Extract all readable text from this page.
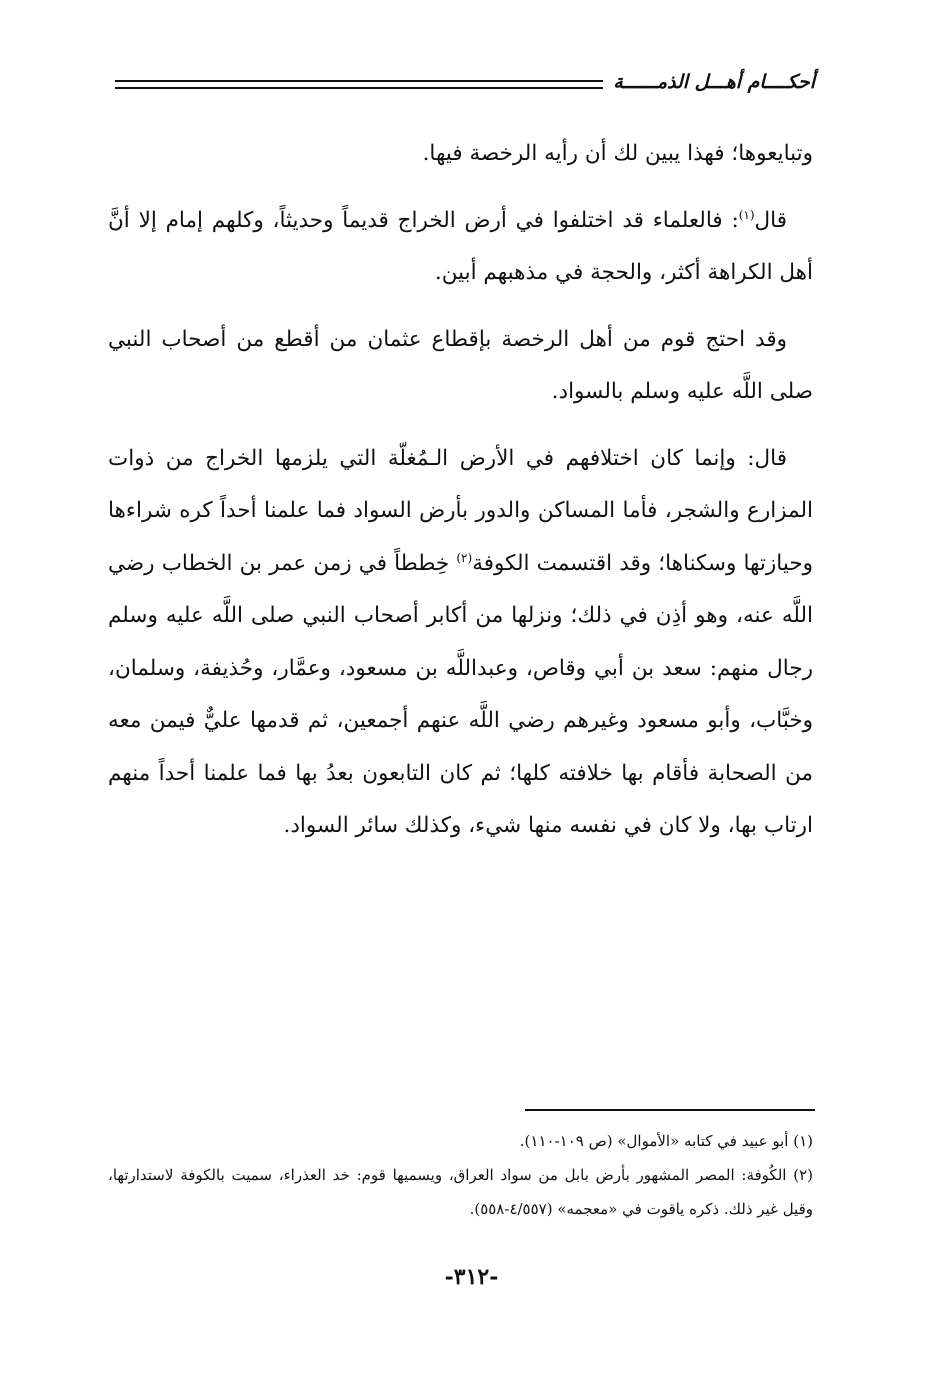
أحكــــام أهـــل الذمــــــة

وتبايعوها؛ فهذا يبين لك أن رأيه الرخصة فيها.

قال$^{(١)}$: فالعلماء قد اختلفوا في أرض الخراج قديماً وحديثاً، وكلهم إمام إلا أنَّ أهل الكراهة أكثر، والحجة في مذهبهم أبين.

وقد احتج قوم من أهل الرخصة بإقطاع عثمان من أقطع من أصحاب النبي صلى اللَّه عليه وسلم بالسواد.

قال: وإنما كان اختلافهم في الأرض الـمُغلّة التي يلزمها الخراج من ذوات المزارع والشجر، فأما المساكن والدور بأرض السواد فما علمنا أحداً كره شراءها وحيازتها وسكناها؛ وقد اقتسمت الكوفة$^{(٢)}$ خِططاً في زمن عمر بن الخطاب رضي اللَّه عنه، وهو أذِن في ذلك؛ ونزلها من أكابر أصحاب النبي صلى اللَّه عليه وسلم رجال منهم: سعد بن أبي وقاص، وعبداللَّه بن مسعود، وعمَّار، وحُذيفة، وسلمان، وخبَّاب، وأبو مسعود وغيرهم رضي اللَّه عنهم أجمعين، ثم قدمها عليٌّ فيمن معه من الصحابة فأقام بها خلافته كلها؛ ثم كان التابعون بعدُ بها فما علمنا أحداً منهم ارتاب بها، ولا كان في نفسه منها شيء، وكذلك سائر السواد.

(١) أبو عبيد في كتابه «الأموال» (ص ١٠٩-١١٠).

(٢) الكُوفة: المصر المشهور بأرض بابل من سواد العراق، ويسميها قوم: خد العذراء، سميت بالكوفة لاستدارتها، وقيل غير ذلك. ذكره ياقوت في «معجمه» (٤/٥٥٧-٥٥٨).

-٣١٢-
